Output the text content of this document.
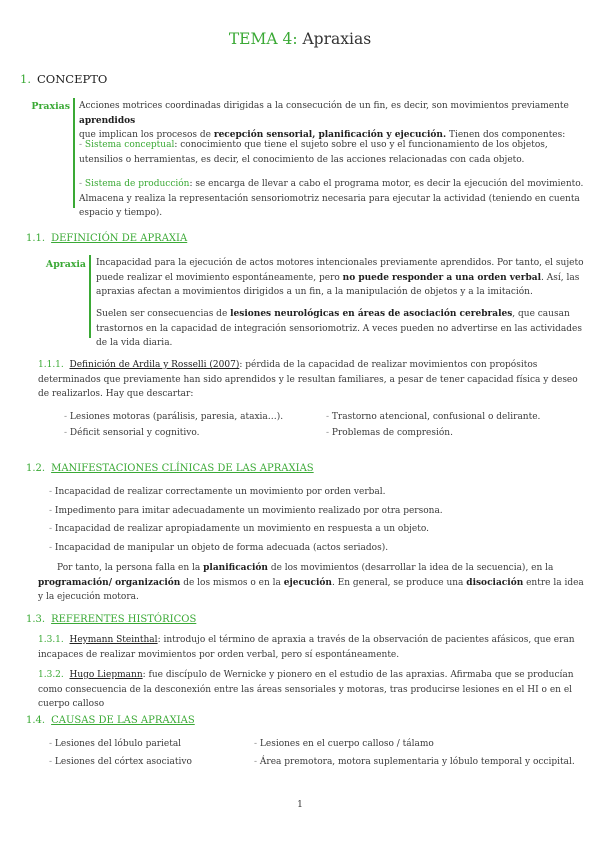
TEMA 4: Apraxias
1. CONCEPTO
Praxias Acciones motrices coordinadas dirigidas a la consecución de un fin, es decir, son movimientos previamente aprendidos
que implican los procesos de recepción sensorial, planificación y ejecución. Tienen dos componentes:
- Sistema conceptual: conocimiento que tiene el sujeto sobre el uso y el funcionamiento de los objetos, utensilios o herramientas, es decir, el conocimiento de las acciones relacionadas con cada objeto.
- Sistema de producción: se encarga de llevar a cabo el programa motor, es decir la ejecución del movimiento. Almacena y realiza la representación sensoriomotriz necesaria para ejecutar la actividad (teniendo en cuenta espacio y tiempo).
1.1. DEFINICIÓN DE APRAXIA
Apraxia Incapacidad para la ejecución de actos motores intencionales previamente aprendidos. Por tanto, el sujeto puede realizar el movimiento espontáneamente, pero no puede responder a una orden verbal. Así, las apraxias afectan a movimientos dirigidos a un fin, a la manipulación de objetos y a la imitación.
Suelen ser consecuencias de lesiones neurológicas en áreas de asociación cerebrales, que causan trastornos en la capacidad de integración sensoriomotriz. A veces pueden no advertirse en las actividades de la vida diaria.
1.1.1. Definición de Ardila y Rosselli (2007): pérdida de la capacidad de realizar movimientos con propósitos determinados que previamente han sido aprendidos y le resultan familiares, a pesar de tener capacidad física y deseo de realizarlos. Hay que descartar:
- Lesiones motoras (parálisis, paresia, ataxia…).
- Déficit sensorial y cognitivo.
- Trastorno atencional, confusional o delirante.
- Problemas de compresión.
1.2. MANIFESTACIONES CLÍNICAS DE LAS APRAXIAS
- Incapacidad de realizar correctamente un movimiento por orden verbal.
- Impedimento para imitar adecuadamente un movimiento realizado por otra persona.
- Incapacidad de realizar apropiadamente un movimiento en respuesta a un objeto.
- Incapacidad de manipular un objeto de forma adecuada (actos seriados).
Por tanto, la persona falla en la planificación de los movimientos (desarrollar la idea de la secuencia), en la programación/ organización de los mismos o en la ejecución. En general, se produce una disociación entre la idea y la ejecución motora.
1.3. REFERENTES HISTÓRICOS
1.3.1. Heymann Steinthal: introdujo el término de apraxia a través de la observación de pacientes afásicos, que eran incapaces de realizar movimientos por orden verbal, pero sí espontáneamente.
1.3.2. Hugo Liepmann: fue discípulo de Wernicke y pionero en el estudio de las apraxias. Afirmaba que se producían como consecuencia de la desconexión entre las áreas sensoriales y motoras, tras producirse lesiones en el HI o en el cuerpo calloso
1.4. CAUSAS DE LAS APRAXIAS
- Lesiones del lóbulo parietal
- Lesiones del córtex asociativo
- Lesiones en el cuerpo calloso / tálamo
- Área premotora, motora suplementaria y lóbulo temporal y occipital.
1
